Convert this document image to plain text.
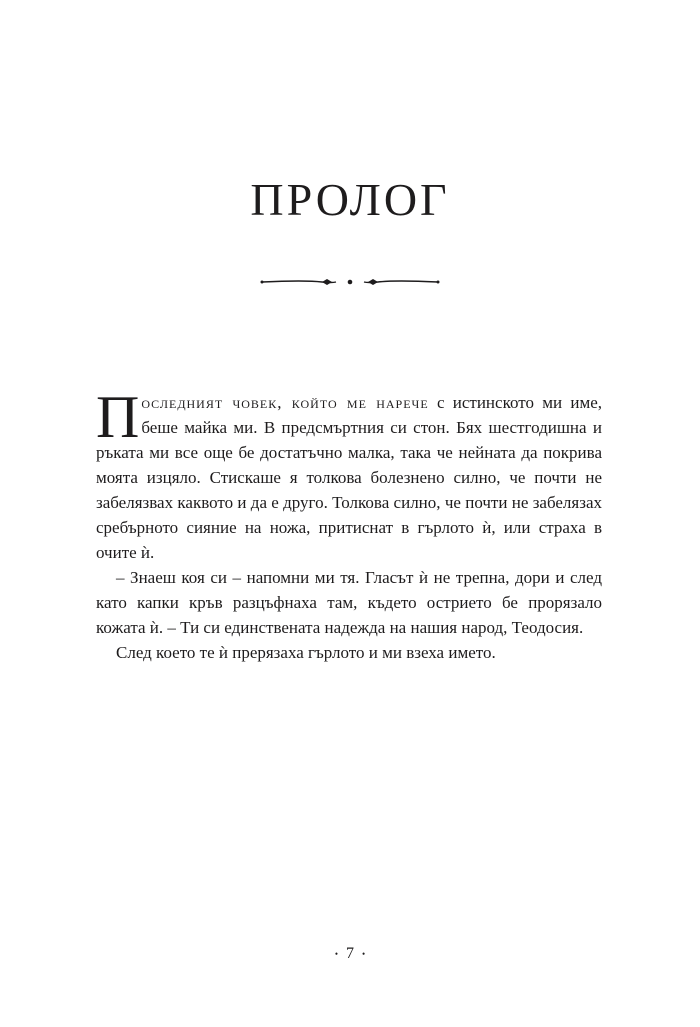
ПРОЛОГ

Последният човек, който ме нарече с истинското ми име, беше майка ми. В предсмъртния си стон. Бях шестгодишна и ръката ми все още бе достатъчно малка, така че нейната да покрива моята изцяло. Стискаше я толкова болезнено силно, че почти не забелязвах каквото и да е друго. Толкова силно, че почти не забелязах сребърното сияние на ножа, притиснат в гърлото ѝ, или страха в очите ѝ.

– Знаеш коя си – напомни ми тя. Гласът ѝ не трепна, дори и след като капки кръв разцъфнаха там, където острието бе прорязало кожата ѝ. – Ти си единствената надежда на нашия народ, Теодосия.

След което те ѝ прерязаха гърлото и ми взеха името.

• 7 •
